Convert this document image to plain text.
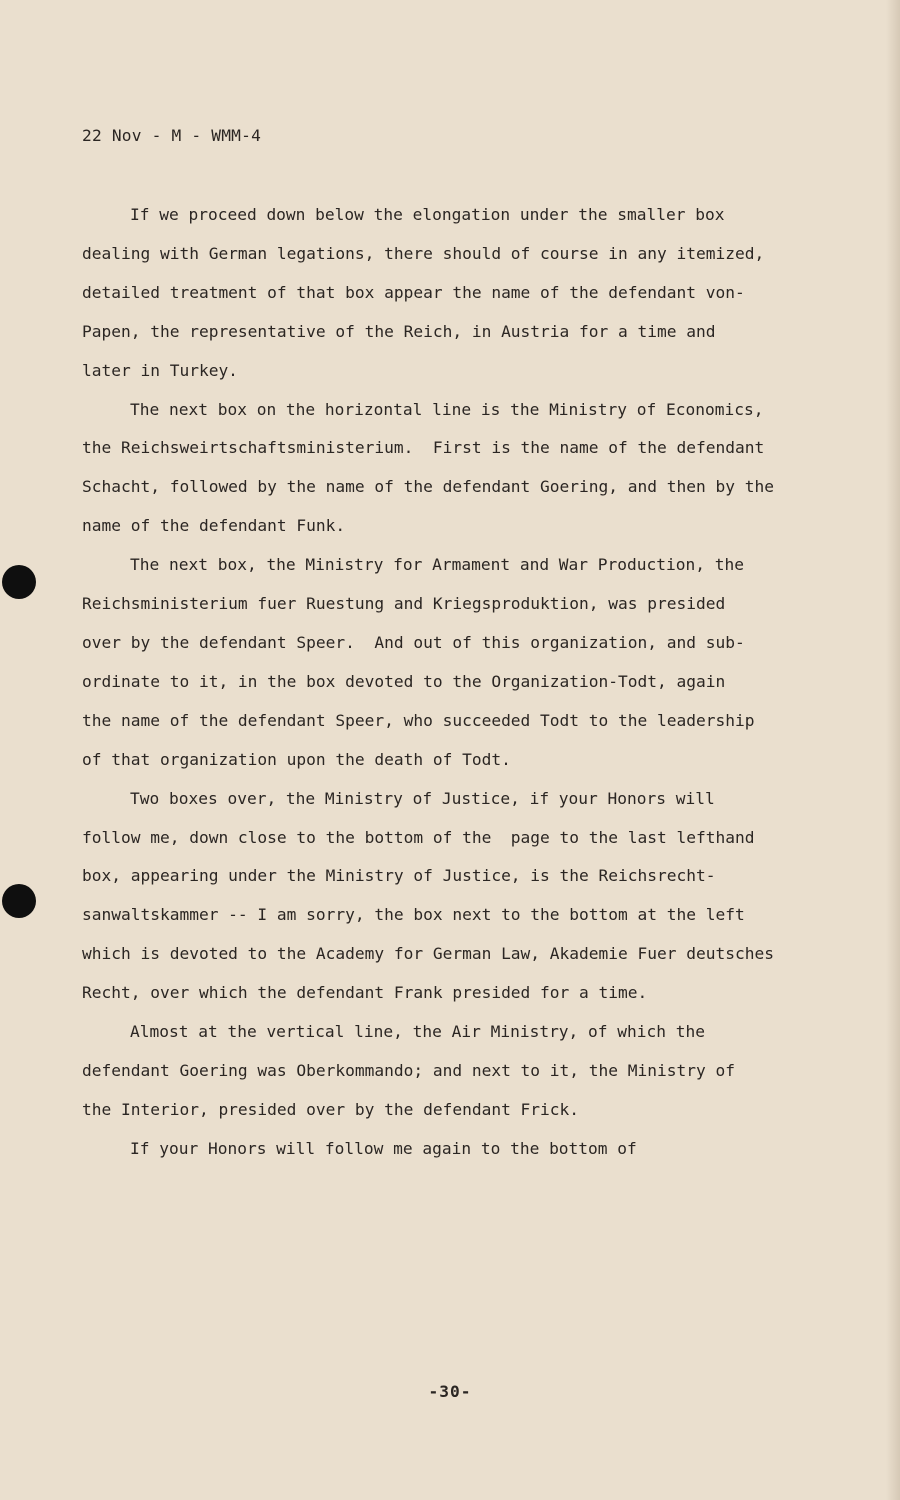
22 Nov - M - WMM-4

If we proceed down below the elongation under the smaller box
dealing with German legations, there should of course in any itemized,
detailed treatment of that box appear the name of the defendant von-
Papen, the representative of the Reich, in Austria for a time and
later in Turkey.

The next box on the horizontal line is the Ministry of Economics,
the Reichsweirtschaftsministerium.  First is the name of the defendant
Schacht, followed by the name of the defendant Goering, and then by the
name of the defendant Funk.

The next box, the Ministry for Armament and War Production, the
Reichsministerium fuer Ruestung and Kriegsproduktion, was presided
over by the defendant Speer.  And out of this organization, and sub-
ordinate to it, in the box devoted to the Organization-Todt, again
the name of the defendant Speer, who succeeded Todt to the leadership
of that organization upon the death of Todt.

Two boxes over, the Ministry of Justice, if your Honors will
follow me, down close to the bottom of the  page to the last lefthand
box, appearing under the Ministry of Justice, is the Reichsrecht-
sanwaltskammer -- I am sorry, the box next to the bottom at the left
which is devoted to the Academy for German Law, Akademie Fuer deutsches
Recht, over which the defendant Frank presided for a time.

Almost at the vertical line, the Air Ministry, of which the
defendant Goering was Oberkommando; and next to it, the Ministry of
the Interior, presided over by the defendant Frick.

If your Honors will follow me again to the bottom of

-30-
